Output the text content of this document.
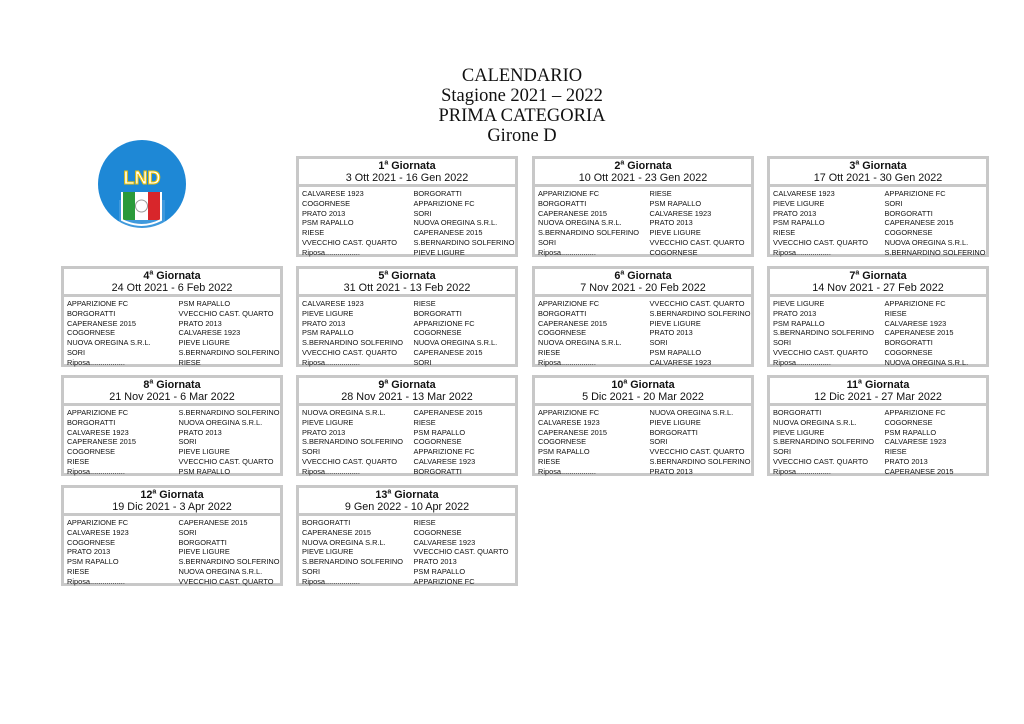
CALENDARIO
Stagione 2021 – 2022
PRIMA CATEGORIA
Girone D
LND
LIGURIA
1$^a$ Giornata
3 Ott 2021 - 16 Gen 2022
CALVARESE 1923	BORGORATTI
COGORNESE	APPARIZIONE FC
PRATO 2013	SORI
PSM RAPALLO	NUOVA OREGINA S.R.L.
RIESE	CAPERANESE 2015
VVECCHIO CAST. QUARTO	S.BERNARDINO SOLFERINO
Riposa.................	PIEVE LIGURE
2$^a$ Giornata
10 Ott 2021 - 23 Gen 2022
APPARIZIONE FC	RIESE
BORGORATTI	PSM RAPALLO
CAPERANESE 2015	CALVARESE 1923
NUOVA OREGINA S.R.L.	PRATO 2013
S.BERNARDINO SOLFERINO	PIEVE LIGURE
SORI	VVECCHIO CAST. QUARTO
Riposa.................	COGORNESE
3$^a$ Giornata
17 Ott 2021 - 30 Gen 2022
CALVARESE 1923	APPARIZIONE FC
PIEVE LIGURE	SORI
PRATO 2013	BORGORATTI
PSM RAPALLO	CAPERANESE 2015
RIESE	COGORNESE
VVECCHIO CAST. QUARTO	NUOVA OREGINA S.R.L.
Riposa.................	S.BERNARDINO SOLFERINO
4$^a$ Giornata
24 Ott 2021 - 6 Feb 2022
APPARIZIONE FC	PSM RAPALLO
BORGORATTI	VVECCHIO CAST. QUARTO
CAPERANESE 2015	PRATO 2013
COGORNESE	CALVARESE 1923
NUOVA OREGINA S.R.L.	PIEVE LIGURE
SORI	S.BERNARDINO SOLFERINO
Riposa.................	RIESE
5$^a$ Giornata
31 Ott 2021 - 13 Feb 2022
CALVARESE 1923	RIESE
PIEVE LIGURE	BORGORATTI
PRATO 2013	APPARIZIONE FC
PSM RAPALLO	COGORNESE
S.BERNARDINO SOLFERINO	NUOVA OREGINA S.R.L.
VVECCHIO CAST. QUARTO	CAPERANESE 2015
Riposa.................	SORI
6$^a$ Giornata
7 Nov 2021 - 20 Feb 2022
APPARIZIONE FC	VVECCHIO CAST. QUARTO
BORGORATTI	S.BERNARDINO SOLFERINO
CAPERANESE 2015	PIEVE LIGURE
COGORNESE	PRATO 2013
NUOVA OREGINA S.R.L.	SORI
RIESE	PSM RAPALLO
Riposa.................	CALVARESE 1923
7$^a$ Giornata
14 Nov 2021 - 27 Feb 2022
PIEVE LIGURE	APPARIZIONE FC
PRATO 2013	RIESE
PSM RAPALLO	CALVARESE 1923
S.BERNARDINO SOLFERINO	CAPERANESE 2015
SORI	BORGORATTI
VVECCHIO CAST. QUARTO	COGORNESE
Riposa.................	NUOVA OREGINA S.R.L.
8$^a$ Giornata
21 Nov 2021 - 6 Mar 2022
APPARIZIONE FC	S.BERNARDINO SOLFERINO
BORGORATTI	NUOVA OREGINA S.R.L.
CALVARESE 1923	PRATO 2013
CAPERANESE 2015	SORI
COGORNESE	PIEVE LIGURE
RIESE	VVECCHIO CAST. QUARTO
Riposa.................	PSM RAPALLO
9$^a$ Giornata
28 Nov 2021 - 13 Mar 2022
NUOVA OREGINA S.R.L.	CAPERANESE 2015
PIEVE LIGURE	RIESE
PRATO 2013	PSM RAPALLO
S.BERNARDINO SOLFERINO	COGORNESE
SORI	APPARIZIONE FC
VVECCHIO CAST. QUARTO	CALVARESE 1923
Riposa.................	BORGORATTI
10$^a$ Giornata
5 Dic 2021 - 20 Mar 2022
APPARIZIONE FC	NUOVA OREGINA S.R.L.
CALVARESE 1923	PIEVE LIGURE
CAPERANESE 2015	BORGORATTI
COGORNESE	SORI
PSM RAPALLO	VVECCHIO CAST. QUARTO
RIESE	S.BERNARDINO SOLFERINO
Riposa.................	PRATO 2013
11$^a$ Giornata
12 Dic 2021 - 27 Mar 2022
BORGORATTI	APPARIZIONE FC
NUOVA OREGINA S.R.L.	COGORNESE
PIEVE LIGURE	PSM RAPALLO
S.BERNARDINO SOLFERINO	CALVARESE 1923
SORI	RIESE
VVECCHIO CAST. QUARTO	PRATO 2013
Riposa.................	CAPERANESE 2015
12$^a$ Giornata
19 Dic 2021 - 3 Apr 2022
APPARIZIONE FC	CAPERANESE 2015
CALVARESE 1923	SORI
COGORNESE	BORGORATTI
PRATO 2013	PIEVE LIGURE
PSM RAPALLO	S.BERNARDINO SOLFERINO
RIESE	NUOVA OREGINA S.R.L.
Riposa.................	VVECCHIO CAST. QUARTO
13$^a$ Giornata
9 Gen 2022 - 10 Apr 2022
BORGORATTI	RIESE
CAPERANESE 2015	COGORNESE
NUOVA OREGINA S.R.L.	CALVARESE 1923
PIEVE LIGURE	VVECCHIO CAST. QUARTO
S.BERNARDINO SOLFERINO	PRATO 2013
SORI	PSM RAPALLO
Riposa.................	APPARIZIONE FC
